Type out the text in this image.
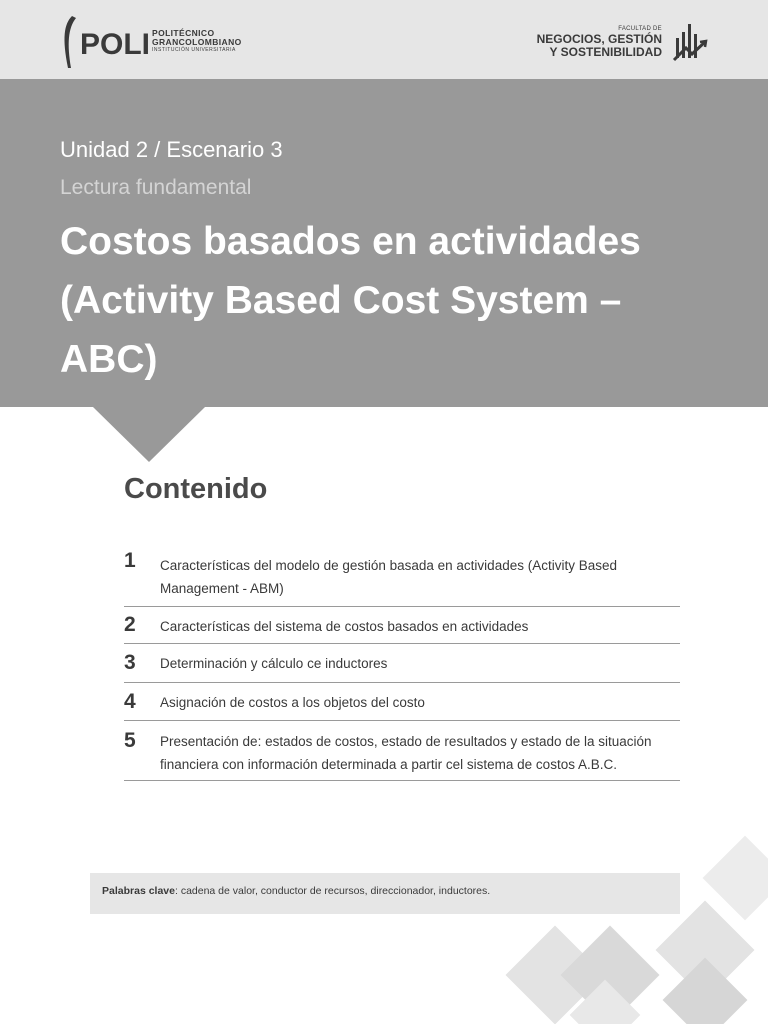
POLI POLITÉCNICO
GRANCOLOMBIANO
INSTITUCIÓN UNIVERSITARIA
FACULTAD DE
NEGOCIOS, GESTIÓN
Y SOSTENIBILIDAD
Unidad 2 / Escenario 3
Lectura fundamental
Costos basados en actividades
(Activity Based Cost System –
ABC)
Contenido
1	Características del modelo de gestión basada en actividades (Activity Based Management - ABM)
2	Características del sistema de costos basados en actividades
3	Determinación y cálculo ce inductores
4	Asignación de costos a los objetos del costo
5	Presentación de: estados de costos, estado de resultados y estado de la situación financiera con información determinada a partir cel sistema de costos A.B.C.
Palabras clave: cadena de valor, conductor de recursos, direccionador, inductores.
